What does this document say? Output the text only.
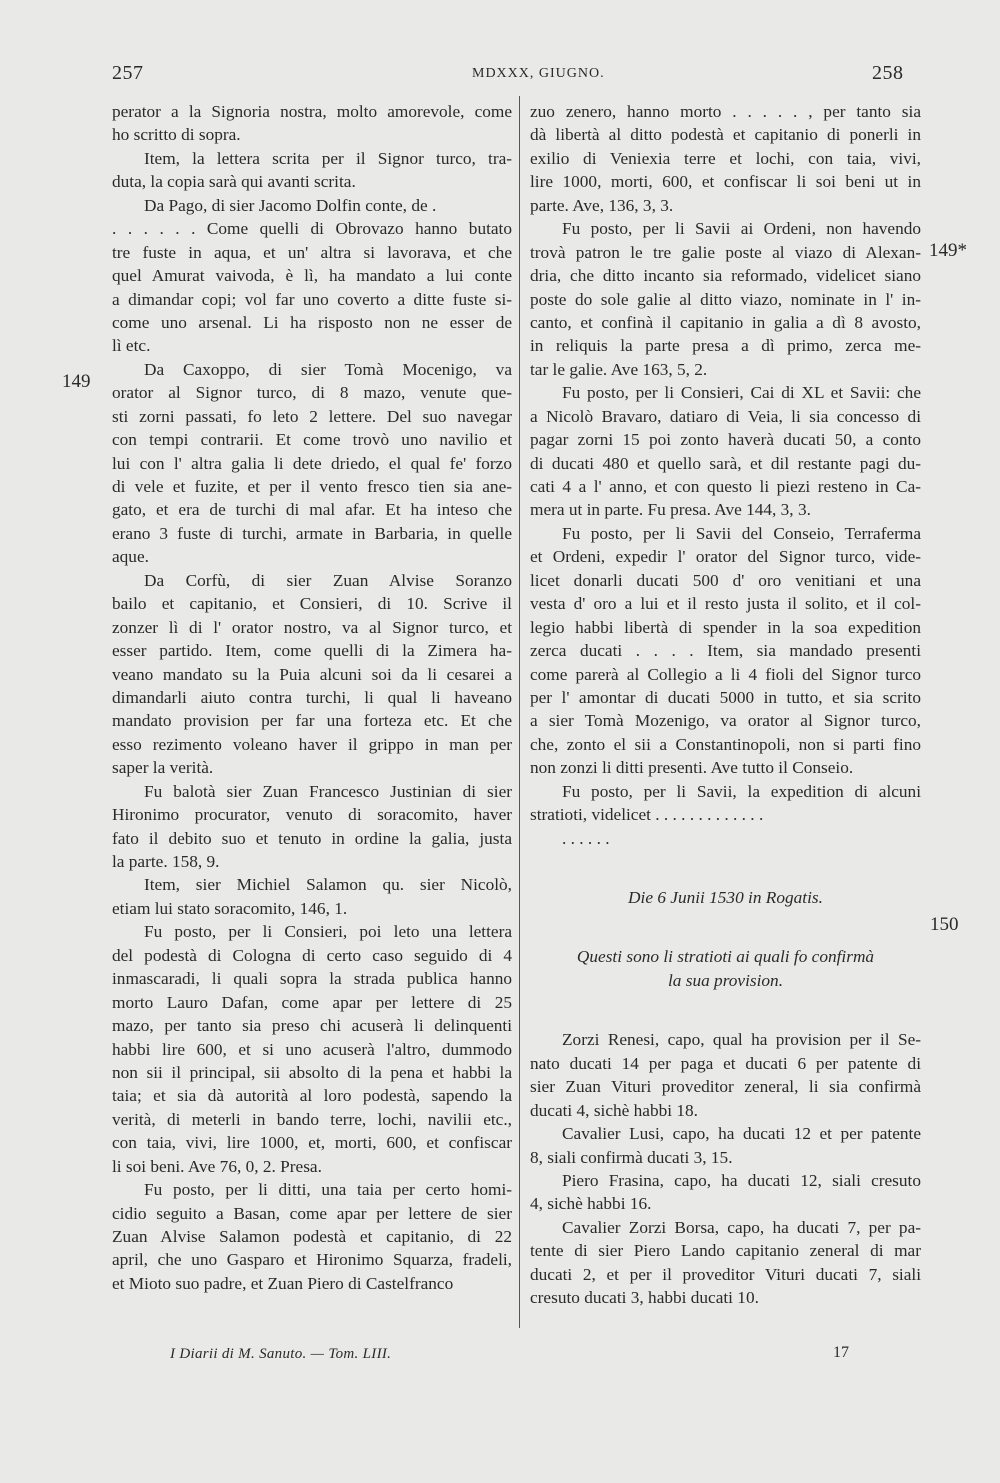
257	MDXXX, GIUGNO.	258
149
149*
150
perator a la Signoria nostra, molto amorevole, come
ho scritto di sopra.
Item, la lettera scrita per il Signor turco, tra-
duta, la copia sarà qui avanti scrita.
Da Pago, di sier Jacomo Dolfin conte, de .
. . . . . . Come quelli di Obrovazo hanno butato
tre fuste in aqua, et un' altra si lavorava, et che
quel Amurat vaivoda, è lì, ha mandato a lui conte
a dimandar copi; vol far uno coverto a ditte fuste si-
come uno arsenal. Li ha risposto non ne esser de
lì etc.
Da Caxoppo, di sier Tomà Mocenigo, va
orator al Signor turco, di 8 mazo, venute que-
sti zorni passati, fo leto 2 lettere. Del suo navegar
con tempi contrarii. Et come trovò uno navilio et
lui con l' altra galia li dete driedo, el qual fe' forzo
di vele et fuzite, et per il vento fresco tien sia ane-
gato, et era de turchi di mal afar. Et ha inteso che
erano 3 fuste di turchi, armate in Barbaria, in quelle
aque.
Da Corfù, di sier Zuan Alvise Soranzo
bailo et capitanio, et Consieri, di 10. Scrive il
zonzer lì di l' orator nostro, va al Signor turco, et
esser partido. Item, come quelli di la Zimera ha-
veano mandato su la Puia alcuni soi da li cesarei a
dimandarli aiuto contra turchi, li qual li haveano
mandato provision per far una forteza etc. Et che
esso rezimento voleano haver il grippo in man per
saper la verità.
Fu balotà sier Zuan Francesco Justinian di sier
Hironimo procurator, venuto di soracomito, haver
fato il debito suo et tenuto in ordine la galia, justa
la parte. 158, 9.
Item, sier Michiel Salamon qu. sier Nicolò,
etiam lui stato soracomito, 146, 1.
Fu posto, per li Consieri, poi leto una lettera
del podestà di Cologna di certo caso seguido di 4
inmascaradi, li quali sopra la strada publica hanno
morto Lauro Dafan, come apar per lettere di 25
mazo, per tanto sia preso chi acuserà li delinquenti
habbi lire 600, et si uno acuserà l'altro, dummodo
non sii il principal, sii absolto di la pena et habbi la
taia; et sia dà autorità al loro podestà, sapendo la
verità, di meterli in bando terre, lochi, navilii etc.,
con taia, vivi, lire 1000, et, morti, 600, et confiscar
li soi beni. Ave 76, 0, 2. Presa.
Fu posto, per li ditti, una taia per certo homi-
cidio seguito a Basan, come apar per lettere de sier
Zuan Alvise Salamon podestà et capitanio, di 22
april, che uno Gasparo et Hironimo Squarza, fradeli,
et Mioto suo padre, et Zuan Piero di Castelfranco
zuo zenero, hanno morto . . . . . , per tanto sia
dà libertà al ditto podestà et capitanio di ponerli in
exilio di Veniexia terre et lochi, con taia, vivi,
lire 1000, morti, 600, et confiscar li soi beni ut in
parte. Ave, 136, 3, 3.
Fu posto, per li Savii ai Ordeni, non havendo
trovà patron le tre galie poste al viazo di Alexan-
dria, che ditto incanto sia reformado, videlicet siano
poste do sole galie al ditto viazo, nominate in l' in-
canto, et confinà il capitanio in galia a dì 8 avosto,
in reliquis la parte presa a dì primo, zerca me-
tar le galie. Ave 163, 5, 2.
Fu posto, per li Consieri, Cai di XL et Savii: che
a Nicolò Bravaro, datiaro di Veia, li sia concesso di
pagar zorni 15 poi zonto haverà ducati 50, a conto
di ducati 480 et quello sarà, et dil restante pagi du-
cati 4 a l' anno, et con questo li piezi resteno in Ca-
mera ut in parte. Fu presa. Ave 144, 3, 3.
Fu posto, per li Savii del Conseio, Terraferma
et Ordeni, expedir l' orator del Signor turco, vide-
licet donarli ducati 500 d' oro venitiani et una
vesta d' oro a lui et il resto justa il solito, et il col-
legio habbi libertà di spender in la soa expedition
zerca ducati . . . . Item, sia mandado presenti
come parerà al Collegio a li 4 fioli del Signor turco
per l' amontar di ducati 5000 in tutto, et sia scrito
a sier Tomà Mozenigo, va orator al Signor turco,
che, zonto el sii a Constantinopoli, non si parti fino
non zonzi li ditti presenti. Ave tutto il Conseio.
Fu posto, per li Savii, la expedition di alcuni
stratioti, videlicet . . . . . . . . . . . . .
. . . . . .
Die 6 Junii 1530 in Rogatis.
Questi sono li stratioti ai quali fo confirmà
la sua provision.
Zorzi Renesi, capo, qual ha provision per il Se-
nato ducati 14 per paga et ducati 6 per patente di
sier Zuan Vituri proveditor zeneral, li sia confirmà
ducati 4, sichè habbi 18.
Cavalier Lusi, capo, ha ducati 12 et per patente
8, siali confirmà ducati 3, 15.
Piero Frasina, capo, ha ducati 12, siali cresuto
4, sichè habbi 16.
Cavalier Zorzi Borsa, capo, ha ducati 7, per pa-
tente di sier Piero Lando capitanio zeneral di mar
ducati 2, et per il proveditor Vituri ducati 7, siali
cresuto ducati 3, habbi ducati 10.
I Diarii di M. Sanuto. — Tom. LIII.	17
